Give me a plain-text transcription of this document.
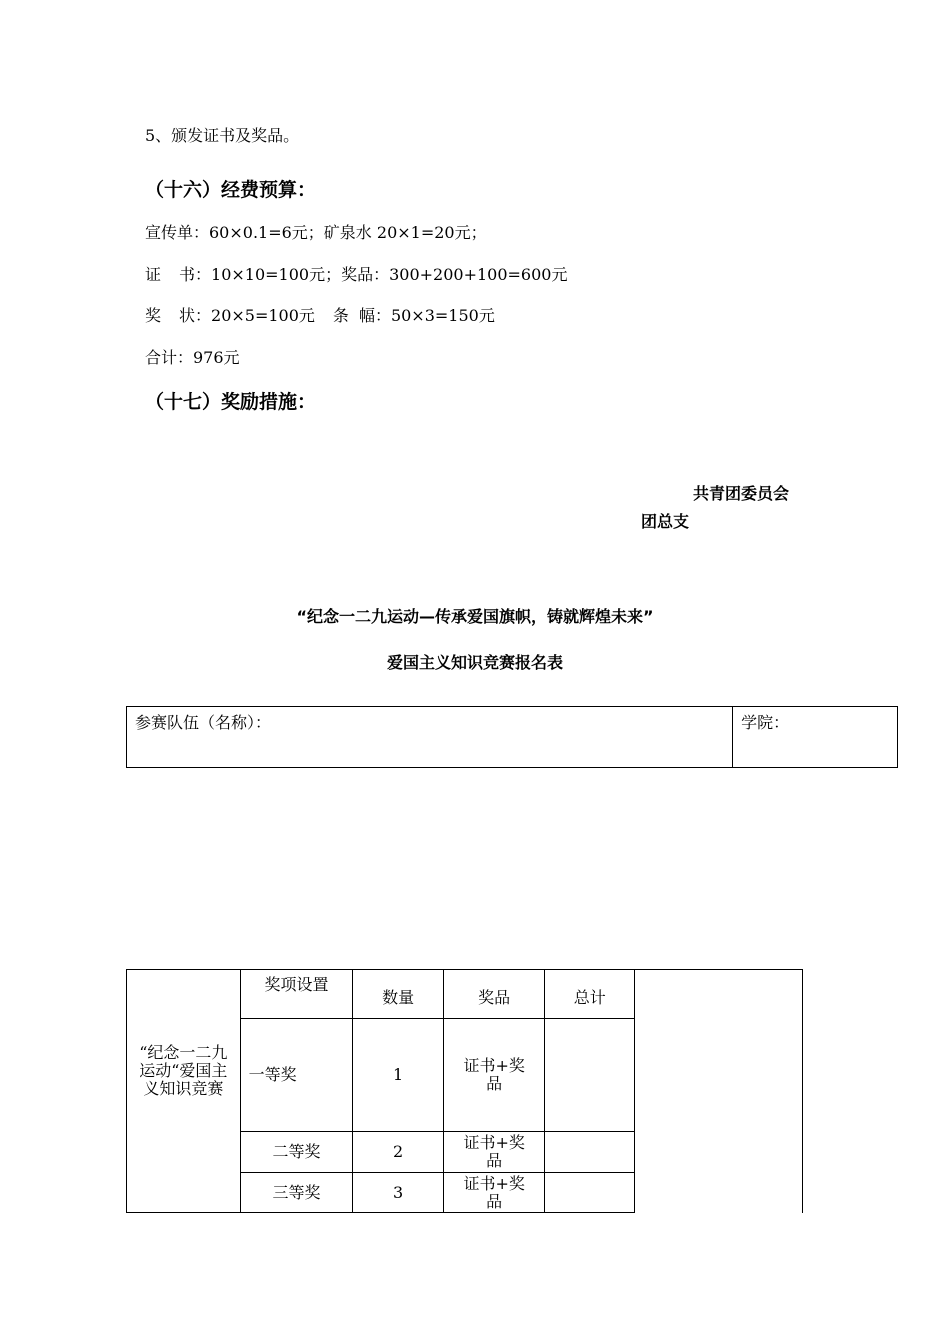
5、颁发证书及奖品。
（十六）经费预算：
宣传单：60×0.1=6元；矿泉水 20×1=20元；
证 书：10×10=100元；奖品：300+200+100=600元
奖 状：20×5=100元 条 幅：50×3=150元
合计：976元
（十七）奖励措施：
共青团委员会
团总支
“纪念一二九运动—传承爱国旗帜，铸就辉煌未来”
爱国主义知识竞赛报名表
参赛队伍（名称）：	学院：
“纪念一二九运动“爱国主义知识竞赛	奖项设置	数量	奖品	总计	
	一等奖	1	证书+奖品		

	二等奖	2	证书+奖品		

	三等奖	3	证书+奖品		
